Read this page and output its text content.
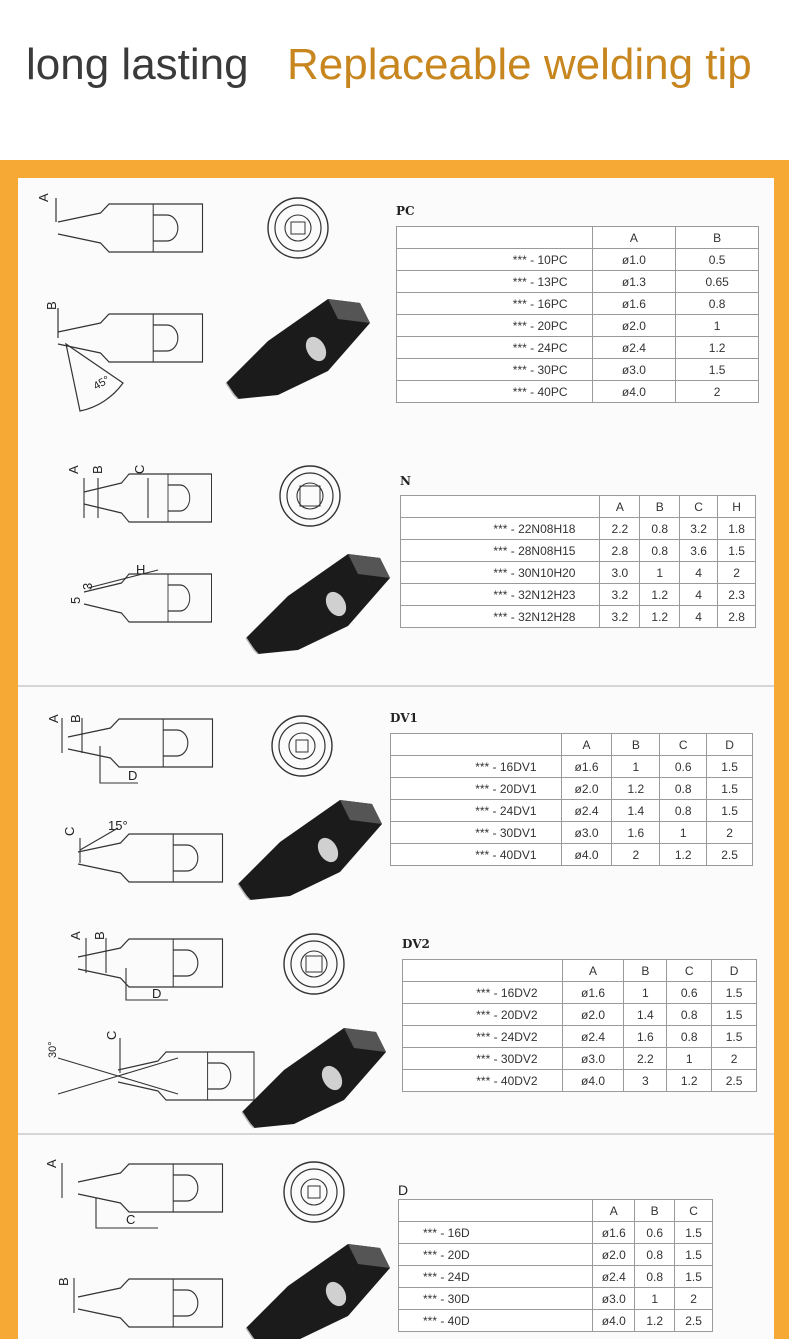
long lasting Replaceable welding tip
A
B
45°
A B C
H
5
3
A B
D
C 15°
A B
D
30°
C
A
C
B
PC
N
DV1
DV2
D
	A	B
*** - 10PC	ø1.0	0.5
*** - 13PC	ø1.3	0.65
*** - 16PC	ø1.6	0.8
*** - 20PC	ø2.0	1
*** - 24PC	ø2.4	1.2
*** - 30PC	ø3.0	1.5
*** - 40PC	ø4.0	2
	A	B	C	H
*** - 22N08H18	2.2	0.8	3.2	1.8
*** - 28N08H15	2.8	0.8	3.6	1.5
*** - 30N10H20	3.0	1	4	2
*** - 32N12H23	3.2	1.2	4	2.3
*** - 32N12H28	3.2	1.2	4	2.8
	A	B	C	D
*** - 16DV1	ø1.6	1	0.6	1.5
*** - 20DV1	ø2.0	1.2	0.8	1.5
*** - 24DV1	ø2.4	1.4	0.8	1.5
*** - 30DV1	ø3.0	1.6	1	2
*** - 40DV1	ø4.0	2	1.2	2.5
	A	B	C	D
*** - 16DV2	ø1.6	1	0.6	1.5
*** - 20DV2	ø2.0	1.4	0.8	1.5
*** - 24DV2	ø2.4	1.6	0.8	1.5
*** - 30DV2	ø3.0	2.2	1	2
*** - 40DV2	ø4.0	3	1.2	2.5
	A	B	C
*** - 16D	ø1.6	0.6	1.5
*** - 20D	ø2.0	0.8	1.5
*** - 24D	ø2.4	0.8	1.5
*** - 30D	ø3.0	1	2
*** - 40D	ø4.0	1.2	2.5
